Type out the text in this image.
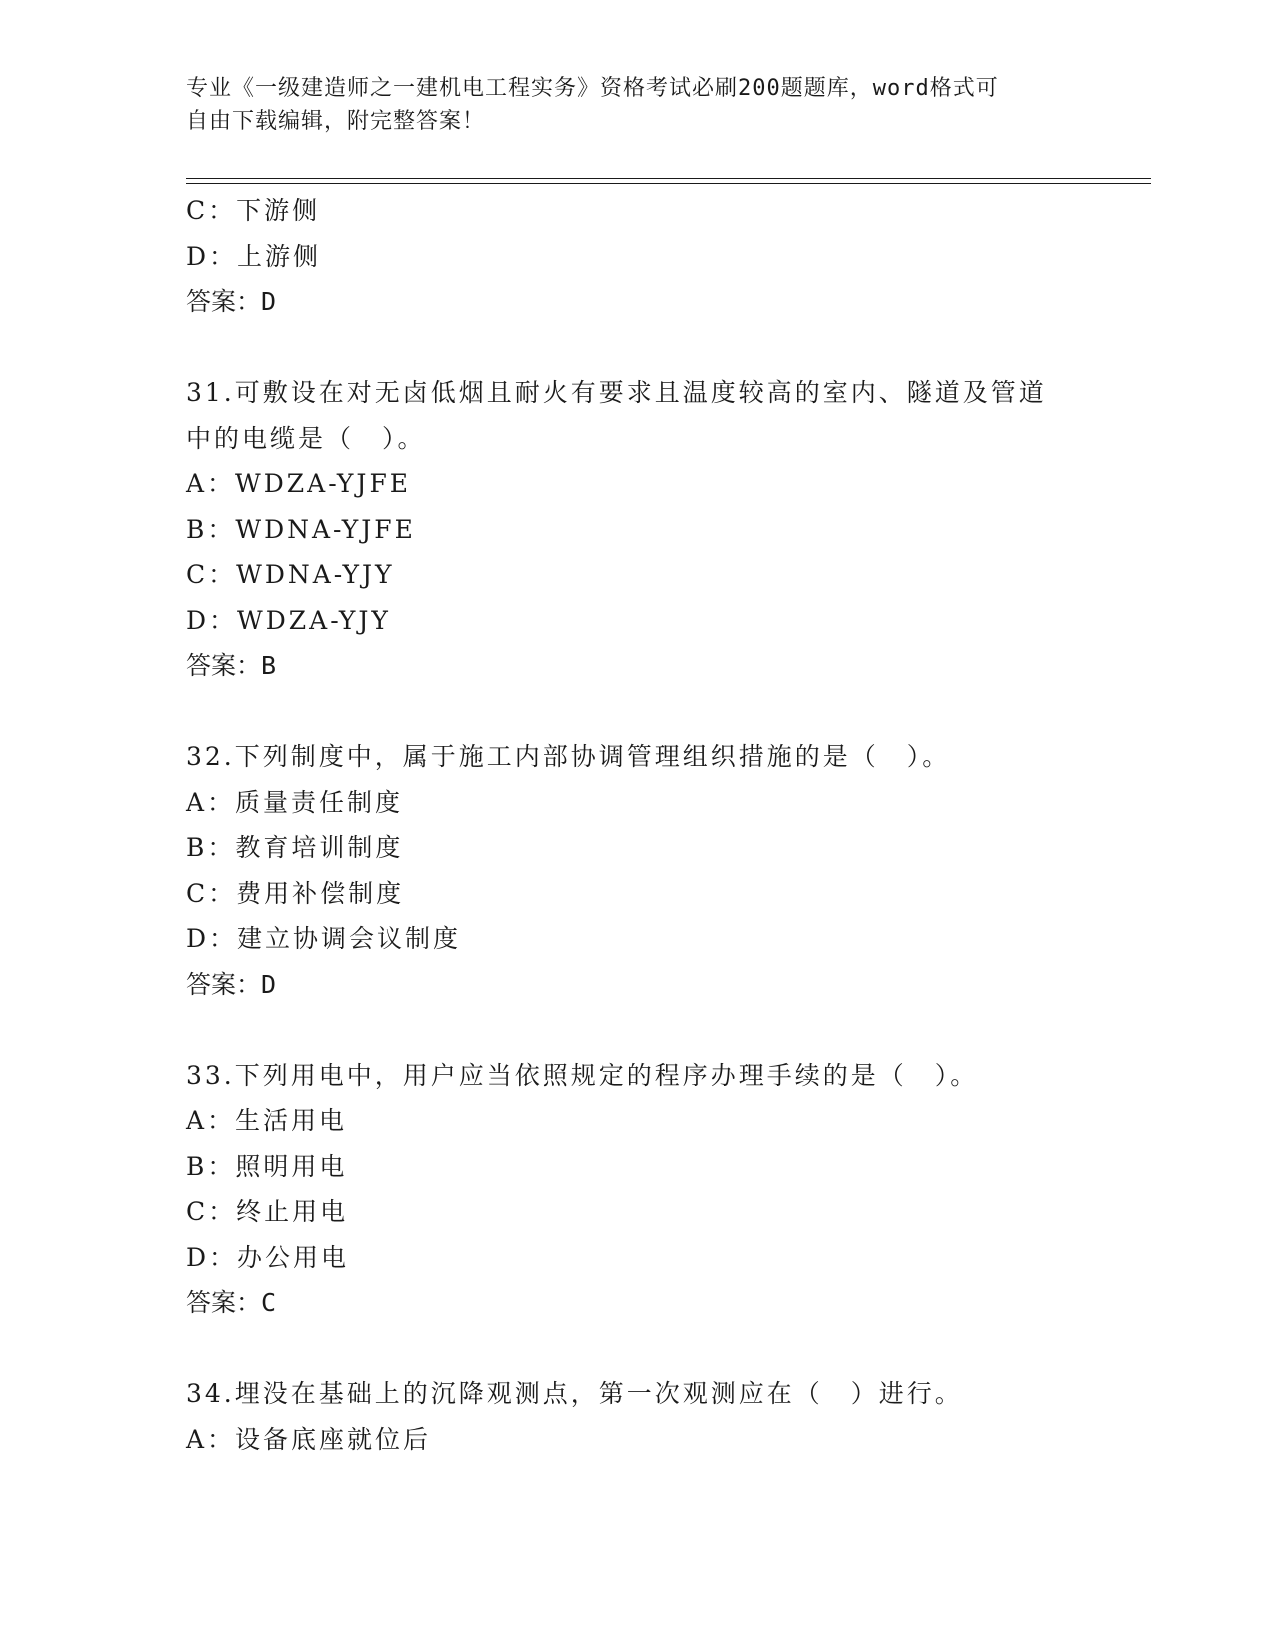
专业《一级建造师之一建机电工程实务》资格考试必刷200题题库，word格式可
自由下载编辑，附完整答案！
C：下游侧
D：上游侧
答案：D
31.可敷设在对无卤低烟且耐火有要求且温度较高的室内、隧道及管道
中的电缆是（　）。
A：WDZA-YJFE
B：WDNA-YJFE
C：WDNA-YJY
D：WDZA-YJY
答案：B
32.下列制度中，属于施工内部协调管理组织措施的是（　）。
A：质量责任制度
B：教育培训制度
C：费用补偿制度
D：建立协调会议制度
答案：D
33.下列用电中，用户应当依照规定的程序办理手续的是（　）。
A：生活用电
B：照明用电
C：终止用电
D：办公用电
答案：C
34.埋没在基础上的沉降观测点，第一次观测应在（　）进行。
A：设备底座就位后
